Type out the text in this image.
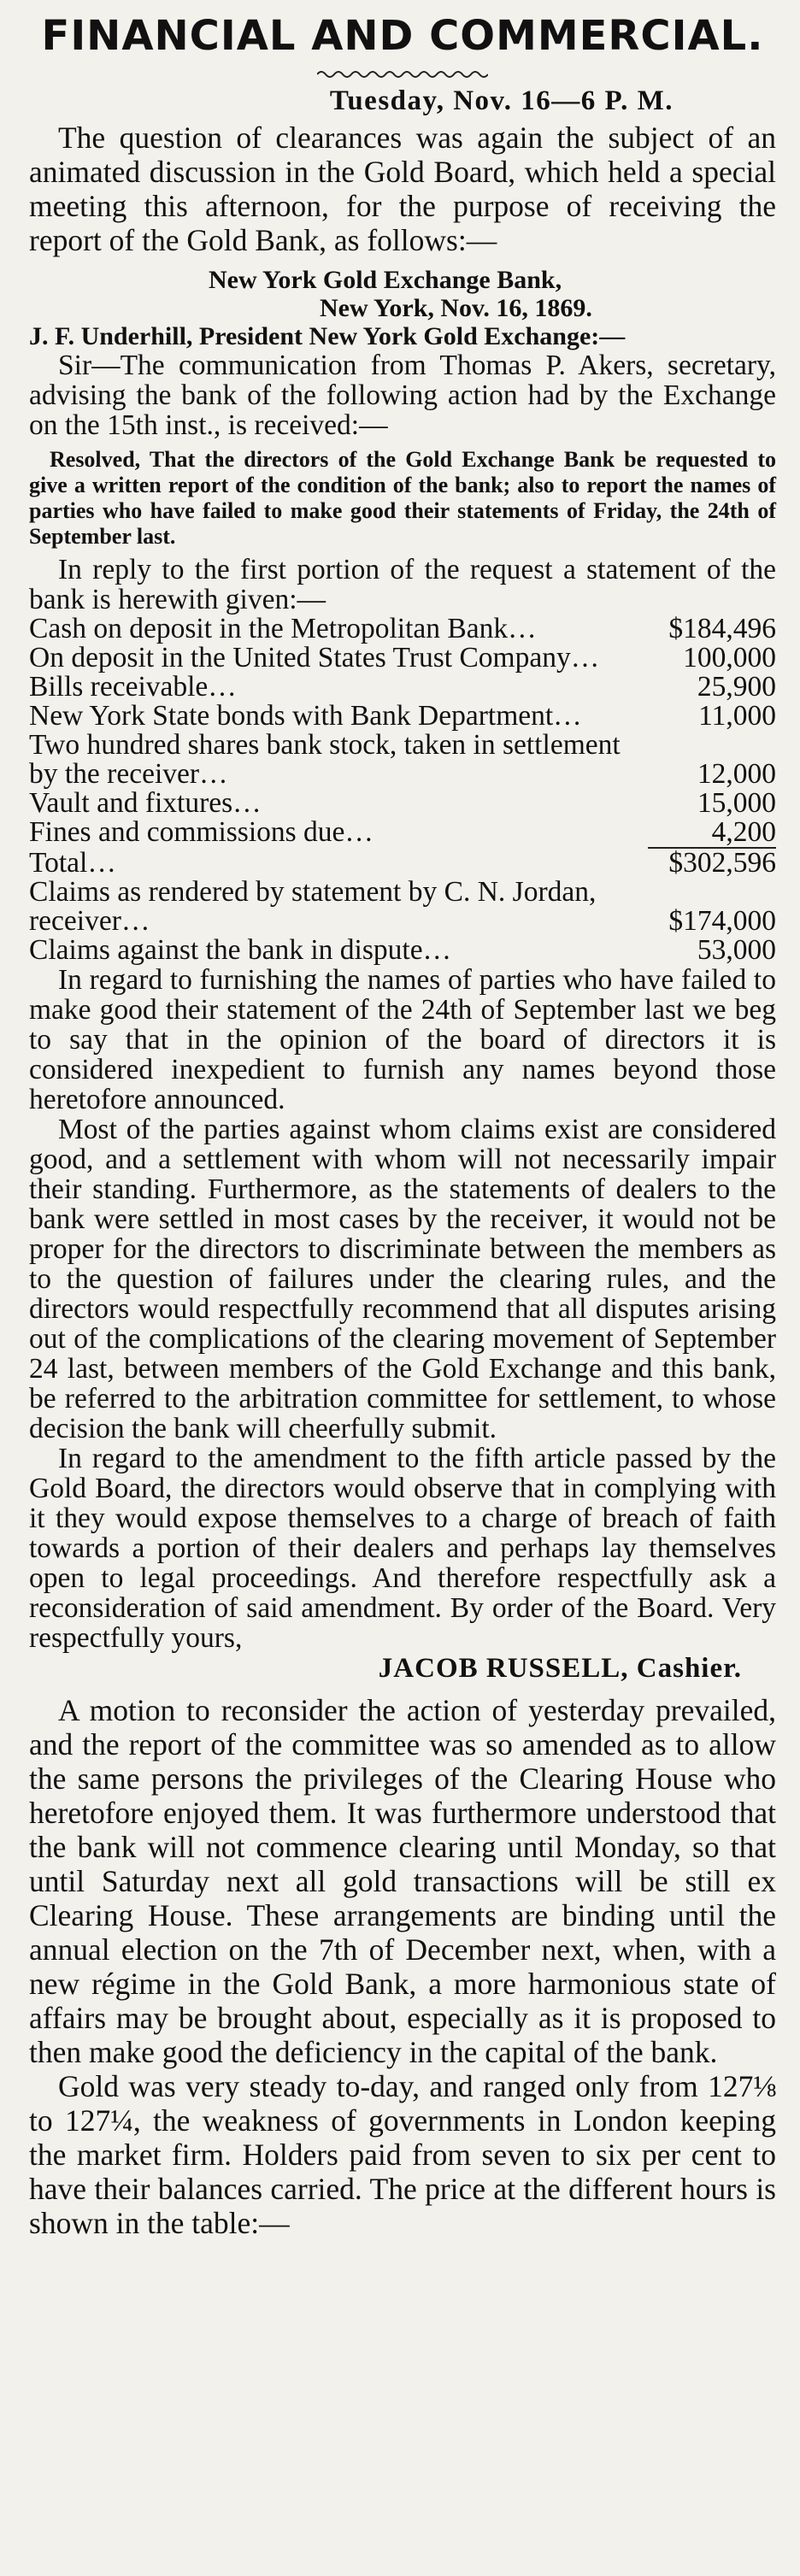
FINANCIAL AND COMMERCIAL.
Tuesday, Nov. 16—6 P. M.

The question of clearances was again the subject of an animated discussion in the Gold Board, which held a special meeting this afternoon, for the purpose of receiving the report of the Gold Bank, as follows:—

New York Gold Exchange Bank,
New York, Nov. 16, 1869.
J. F. Underhill, President New York Gold Exchange:—

Sir—The communication from Thomas P. Akers, secretary, advising the bank of the following action had by the Exchange on the 15th inst., is received:—

Resolved, That the directors of the Gold Exchange Bank be requested to give a written report of the condition of the bank; also to report the names of parties who have failed to make good their statements of Friday, the 24th of September last.

In reply to the first portion of the request a statement of the bank is herewith given:—

Cash on deposit in the Metropolitan Bank…	$184,496
On deposit in the United States Trust Company…	100,000
Bills receivable…	25,900
New York State bonds with Bank Department…	11,000
Two hundred shares bank stock, taken in settlement by the receiver…	12,000
Vault and fixtures…	15,000
Fines and commissions due…	4,200

Total…	$302,596
Claims as rendered by statement by C. N. Jordan, receiver…	$174,000
Claims against the bank in dispute…	53,000

In regard to furnishing the names of parties who have failed to make good their statement of the 24th of September last we beg to say that in the opinion of the board of directors it is considered inexpedient to furnish any names beyond those heretofore announced.

Most of the parties against whom claims exist are considered good, and a settlement with whom will not necessarily impair their standing. Furthermore, as the statements of dealers to the bank were settled in most cases by the receiver, it would not be proper for the directors to discriminate between the members as to the question of failures under the clearing rules, and the directors would respectfully recommend that all disputes arising out of the complications of the clearing movement of September 24 last, between members of the Gold Exchange and this bank, be referred to the arbitration committee for settlement, to whose decision the bank will cheerfully submit.

In regard to the amendment to the fifth article passed by the Gold Board, the directors would observe that in complying with it they would expose themselves to a charge of breach of faith towards a portion of their dealers and perhaps lay themselves open to legal proceedings. And therefore respectfully ask a reconsideration of said amendment. By order of the Board. Very respectfully yours,

JACOB RUSSELL, Cashier.

A motion to reconsider the action of yesterday prevailed, and the report of the committee was so amended as to allow the same persons the privileges of the Clearing House who heretofore enjoyed them. It was furthermore understood that the bank will not commence clearing until Monday, so that until Saturday next all gold transactions will be still ex Clearing House. These arrangements are binding until the annual election on the 7th of December next, when, with a new régime in the Gold Bank, a more harmonious state of affairs may be brought about, especially as it is proposed to then make good the deficiency in the capital of the bank.

Gold was very steady to-day, and ranged only from 127⅛ to 127¼, the weakness of governments in London keeping the market firm. Holders paid from seven to six per cent to have their balances carried. The price at the different hours is shown in the table:—
